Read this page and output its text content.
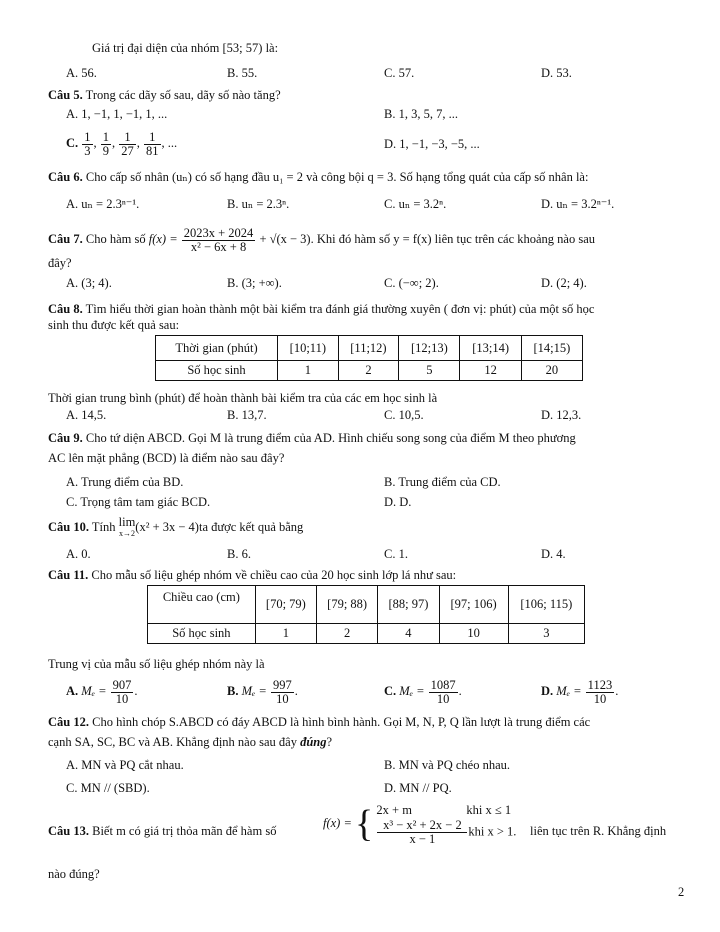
Giá trị đại diện của nhóm [53; 57) là:
A. 56.	B. 55.	C. 57.	D. 53.
Câu 5. Trong các dãy số sau, dãy số nào tăng?
A. 1, −1, 1, −1, 1, ...	B. 1, 3, 5, 7, ...
C. $\frac{1}{3}$ , $\frac{1}{9}$ , $\frac{1}{27}$ , $\frac{1}{81}$ , ...	D. 1, −1, −3, −5, ...
Câu 6. Cho cấp số nhân (uₙ) có số hạng đầu u₁ = 2 và công bội q = 3. Số hạng tổng quát của cấp số nhân là:
A. uₙ = 2.3ⁿ⁻¹.	B. uₙ = 2.3ⁿ.	C. uₙ = 3.2ⁿ.	D. uₙ = 3.2ⁿ⁻¹.
Câu 7. Cho hàm số $f(x) = \frac{2023x + 2024}{\text{x² − 6x + 8}} + √(x - 3)$. Khi đó hàm số y = f(x) liên tục trên các khoảng nào sau
đây?
A. (3; 4).	B. (3; +∞).	C. (−∞; 2).	D. (2; 4).
Câu 8. Tìm hiểu thời gian hoàn thành một bài kiểm tra đánh giá thường xuyên ( đơn vị: phút) của một số học
sinh thu được kết quả sau:
Thời gian (phút)	[10;11)	[11;12)	[12;13)	[13;14)	[14;15)
Số học sinh	1	2	5	12	20
Thời gian trung bình (phút) để hoàn thành bài kiểm tra của các em học sinh là
A. 14,5.	B. 13,7.	C. 10,5.	D. 12,3.
Câu 9. Cho tứ diện ABCD. Gọi M là trung điểm của AD. Hình chiếu song song của điểm M theo phương
AC lên mặt phẳng (BCD) là điểm nào sau đây?
A. Trung điểm của BD.	B. Trung điểm của CD.
C. Trọng tâm tam giác BCD.	D. D.
Câu 10. Tính lim
x→2 (x² + 3x − 4)ta được kết quả bằng
A. 0.	B. 6.	C. 1.	D. 4.
Câu 11. Cho mẫu số liệu ghép nhóm về chiều cao của 20 học sinh lớp lá như sau:
Chiều cao (cm)	[70; 79)	[79; 88)	[88; 97)	[97; 106)	[106; 115)
Số học sinh	1	2	4	10	3
Trung vị của mẫu số liệu ghép nhóm này là
A. $M_e = \frac{907}{10}$ .	B. $M_e = \frac{997}{10}$ .	C. $M_e = \frac{1087}{10}$ .	D. $M_e = \frac{1123}{10}$ .
Câu 12. Cho hình chóp S.ABCD có đáy ABCD là hình bình hành. Gọi M, N, P, Q lần lượt là trung điểm các
cạnh SA, SC, BC và AB. Khẳng định nào sau đây đúng?
A. MN và PQ cắt nhau.	B. MN và PQ chéo nhau.
C. MN // (SBD).	D. MN // PQ.
Câu 13. Biết m có giá trị thỏa mãn để hàm số
f(x) = { 2x + m	khi x ≤ 1
$\frac{\text{x³ − x² + 2x − 2}}{x - 1}$ khi x > 1. liên tục trên R. Khẳng định
nào đúng?
2
